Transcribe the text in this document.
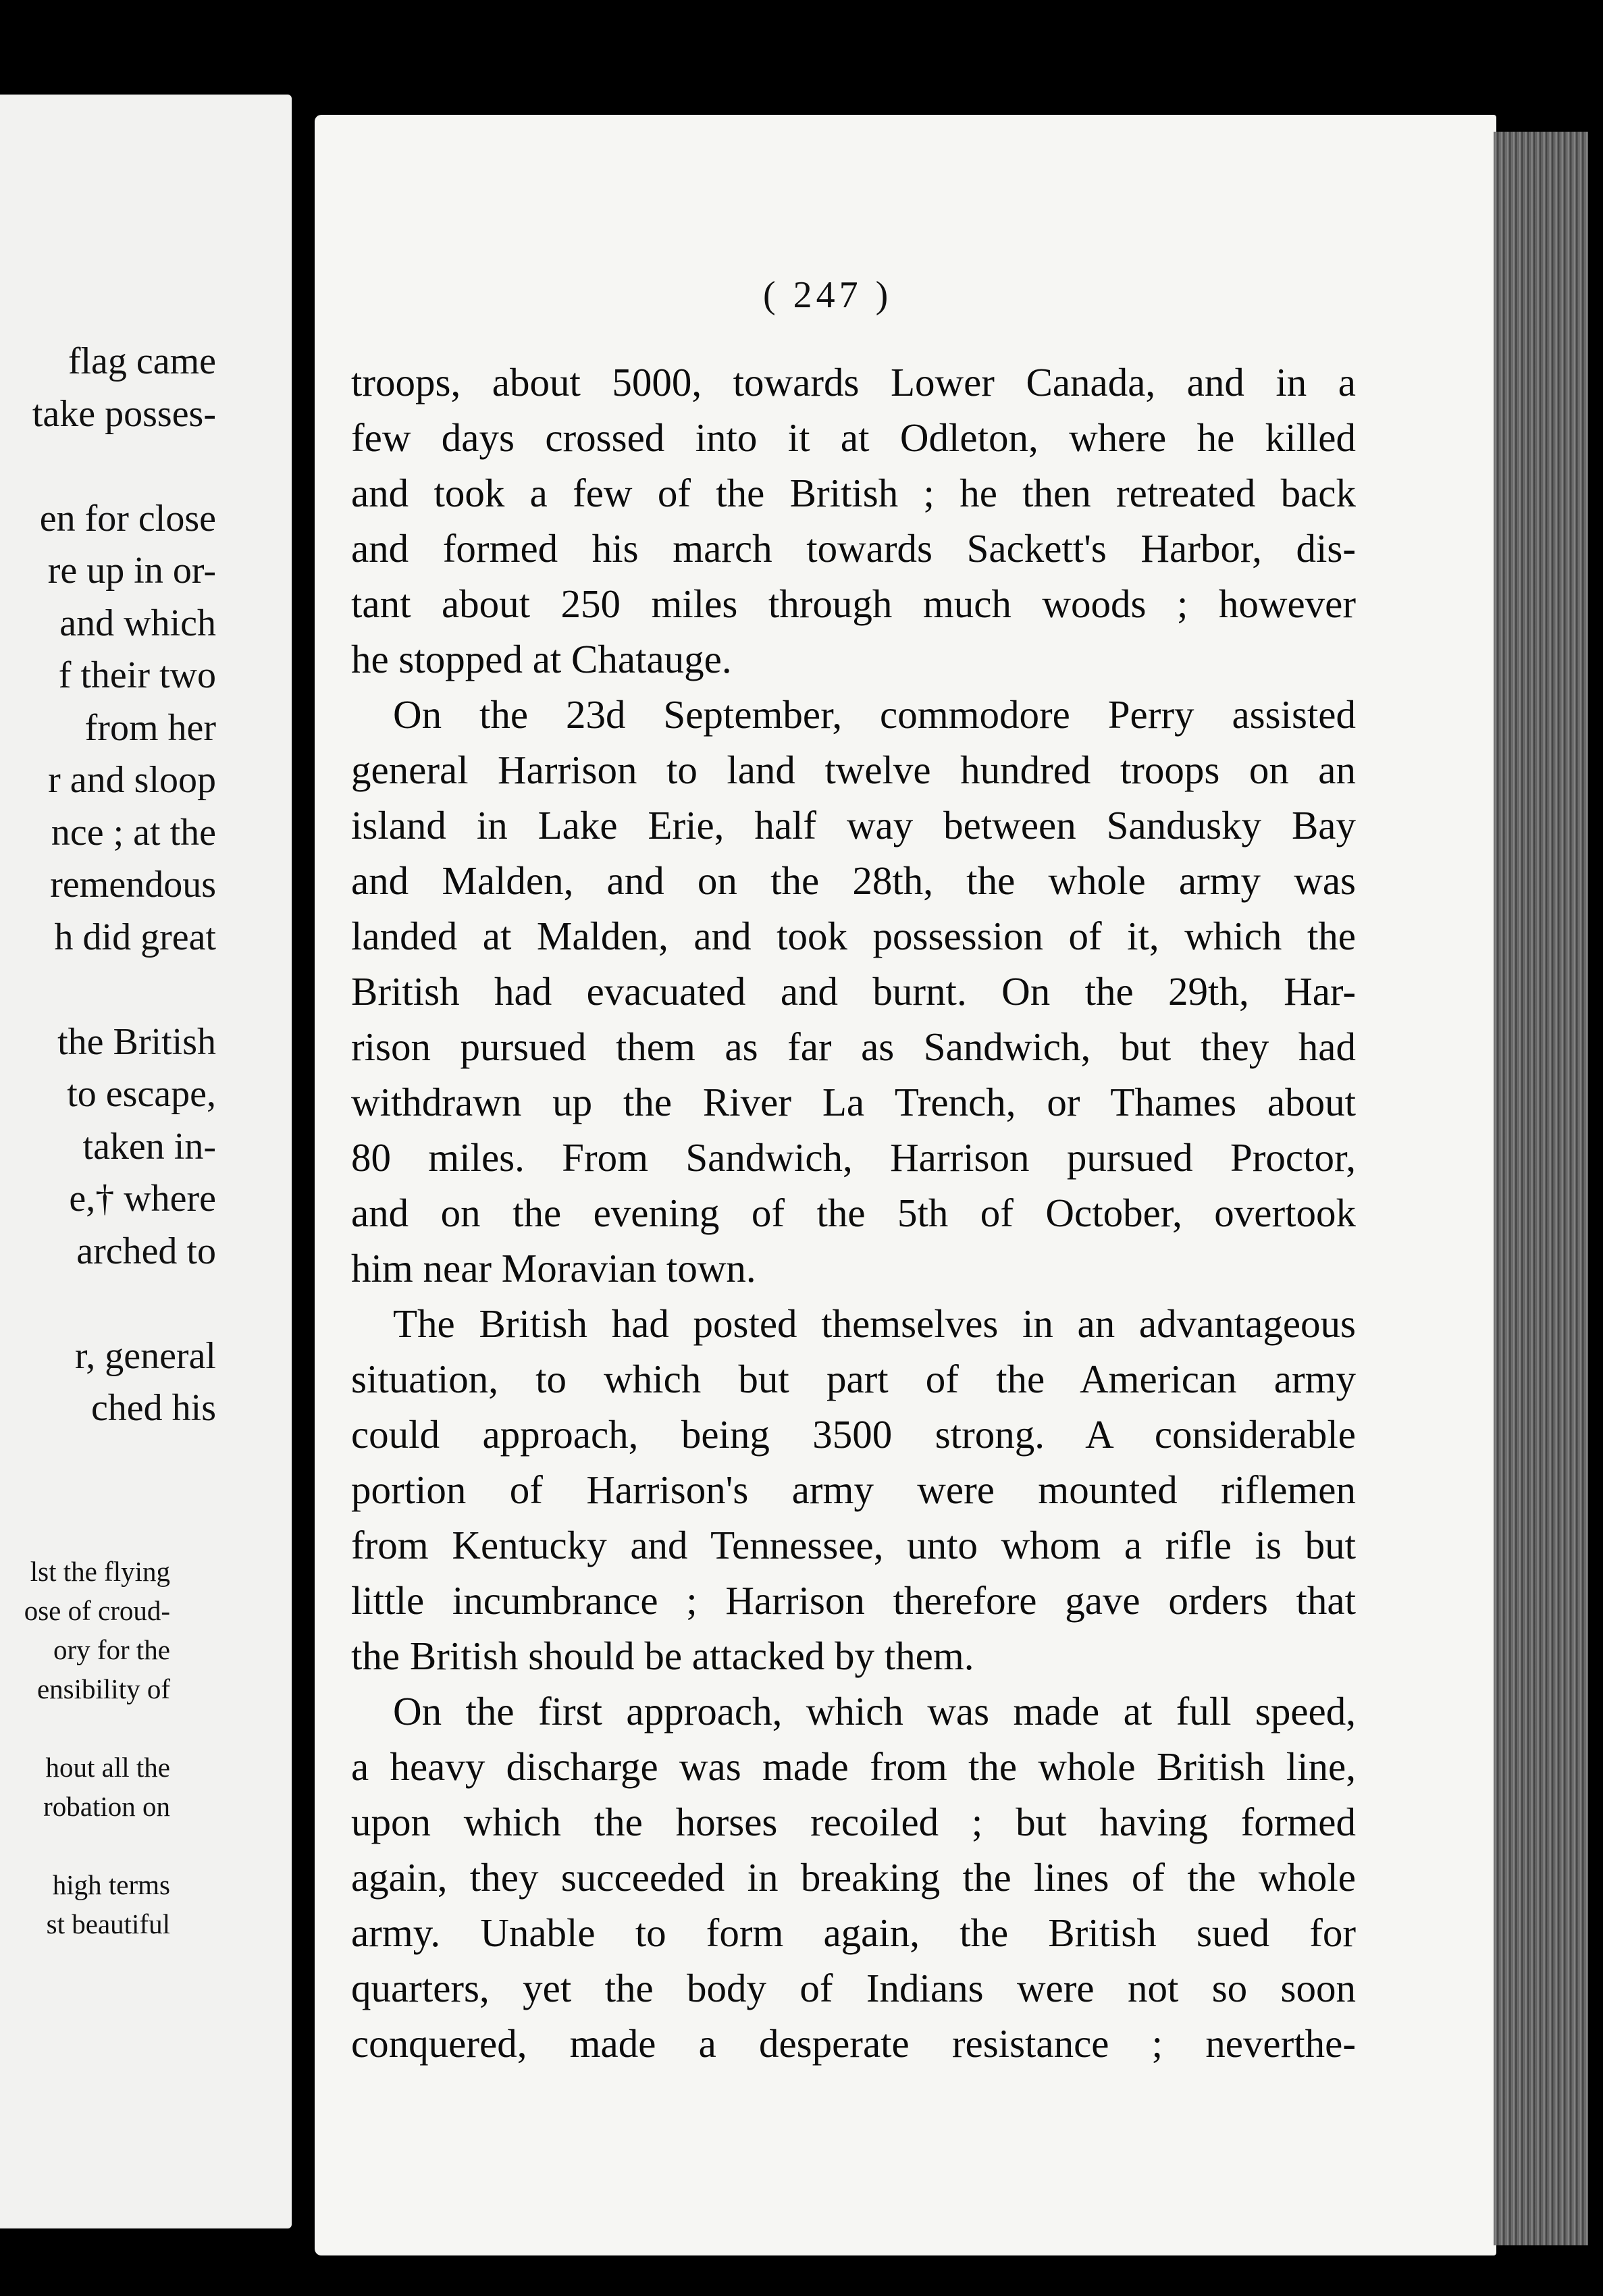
flag came
take posses-
en for close
re up in or-
and which
f their two
from her
r and sloop
nce ; at the
remendous
h did great
the British
to escape,
taken in-
e,† where
arched to
r, general
ched his
lst the flying
ose of croud-
ory for the
ensibility of
hout all the
robation on
high terms
st beautiful
( 247 )
troops, about 5000, towards Lower Canada, and in a
few days crossed into it at Odleton, where he killed
and took a few of the British ; he then retreated back
and formed his march towards Sackett's Harbor, dis-
tant about 250 miles through much woods ; however
he stopped at Chatauge.
On the 23d September, commodore Perry assisted
general Harrison to land twelve hundred troops on an
island in Lake Erie, half way between Sandusky Bay
and Malden, and on the 28th, the whole army was
landed at Malden, and took possession of it, which the
British had evacuated and burnt. On the 29th, Har-
rison pursued them as far as Sandwich, but they had
withdrawn up the River La Trench, or Thames about
80 miles. From Sandwich, Harrison pursued Proctor,
and on the evening of the 5th of October, overtook
him near Moravian town.
The British had posted themselves in an advantageous
situation, to which but part of the American army
could approach, being 3500 strong. A considerable
portion of Harrison's army were mounted riflemen
from Kentucky and Tennessee, unto whom a rifle is but
little incumbrance ; Harrison therefore gave orders that
the British should be attacked by them.
On the first approach, which was made at full speed,
a heavy discharge was made from the whole British line,
upon which the horses recoiled ; but having formed
again, they succeeded in breaking the lines of the whole
army. Unable to form again, the British sued for
quarters, yet the body of Indians were not so soon
conquered, made a desperate resistance ; neverthe-
